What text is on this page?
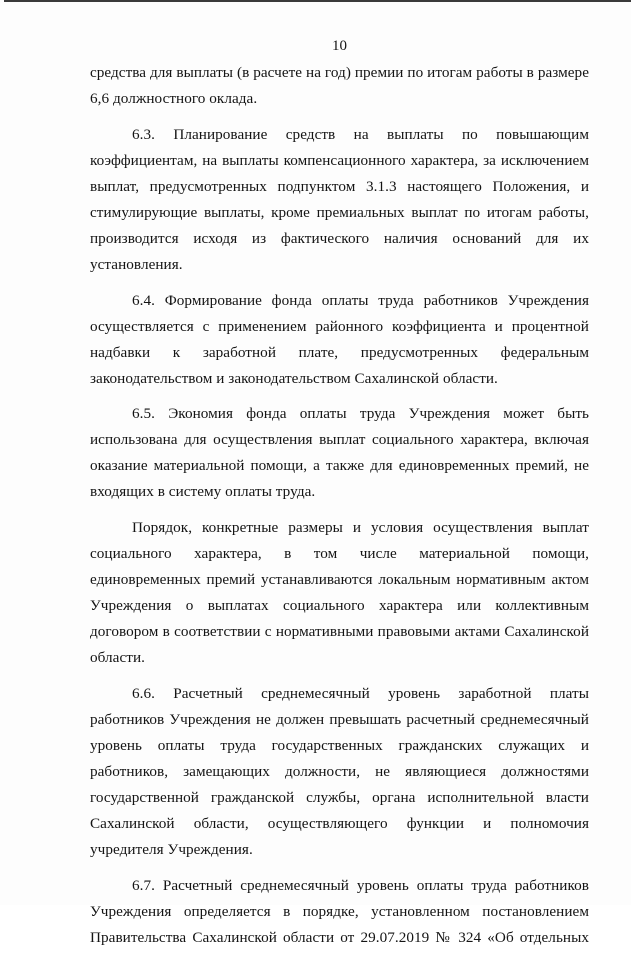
10

средства для выплаты (в расчете на год) премии по итогам работы в размере 6,6 должностного оклада.

6.3. Планирование средств на выплаты по повышающим коэффициентам, на выплаты компенсационного характера, за исключением выплат, предусмотренных подпунктом 3.1.3 настоящего Положения, и стимулирующие выплаты, кроме премиальных выплат по итогам работы, производится исходя из фактического наличия оснований для их установления.

6.4. Формирование фонда оплаты труда работников Учреждения осуществляется с применением районного коэффициента и процентной надбавки к заработной плате, предусмотренных федеральным законодательством и законодательством Сахалинской области.

6.5. Экономия фонда оплаты труда Учреждения может быть использована для осуществления выплат социального характера, включая оказание материальной помощи, а также для единовременных премий, не входящих в систему оплаты труда.

Порядок, конкретные размеры и условия осуществления выплат социального характера, в том числе материальной помощи, единовременных премий устанавливаются локальным нормативным актом Учреждения о выплатах социального характера или коллективным договором в соответствии с нормативными правовыми актами Сахалинской области.

6.6. Расчетный среднемесячный уровень заработной платы работников Учреждения не должен превышать расчетный среднемесячный уровень оплаты труда государственных гражданских служащих и работников, замещающих должности, не являющиеся должностями государственной гражданской службы, органа исполнительной власти Сахалинской области, осуществляющего функции и полномочия учредителя Учреждения.

6.7. Расчетный среднемесячный уровень оплаты труда работников Учреждения определяется в порядке, установленном постановлением Правительства Сахалинской области от 29.07.2019 № 324 «Об отдельных
